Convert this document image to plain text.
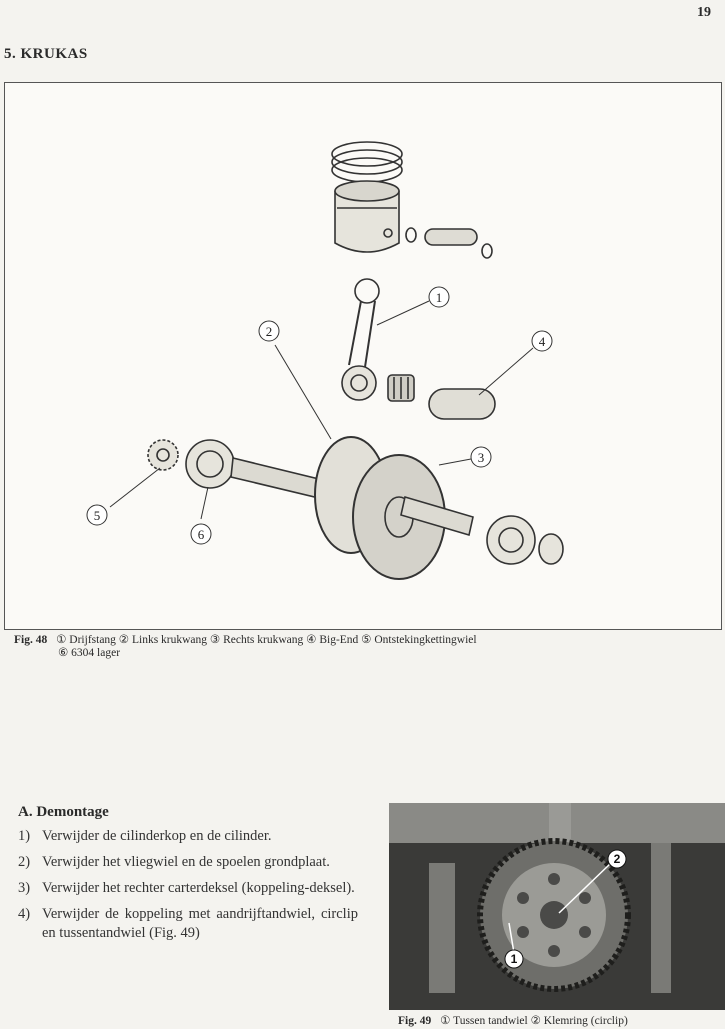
19
5. KRUKAS
1
2
3
4
5
6
Fig. 48 ① Drijfstang ② Links krukwang ③ Rechts krukwang ④ Big-End ⑤ Ontstekingkettingwiel
⑥ 6304 lager
A. Demontage
1) Verwijder de cilinderkop en de cilinder.
2) Verwijder het vliegwiel en de spoelen grondplaat.
3) Verwijder het rechter carterdeksel (koppeling-deksel).
4) Verwijder de koppeling met aandrijftandwiel, circlip en tussentandwiel (Fig. 49)
2
1
Fig. 49 ① Tussen tandwiel ② Klemring (circlip)
